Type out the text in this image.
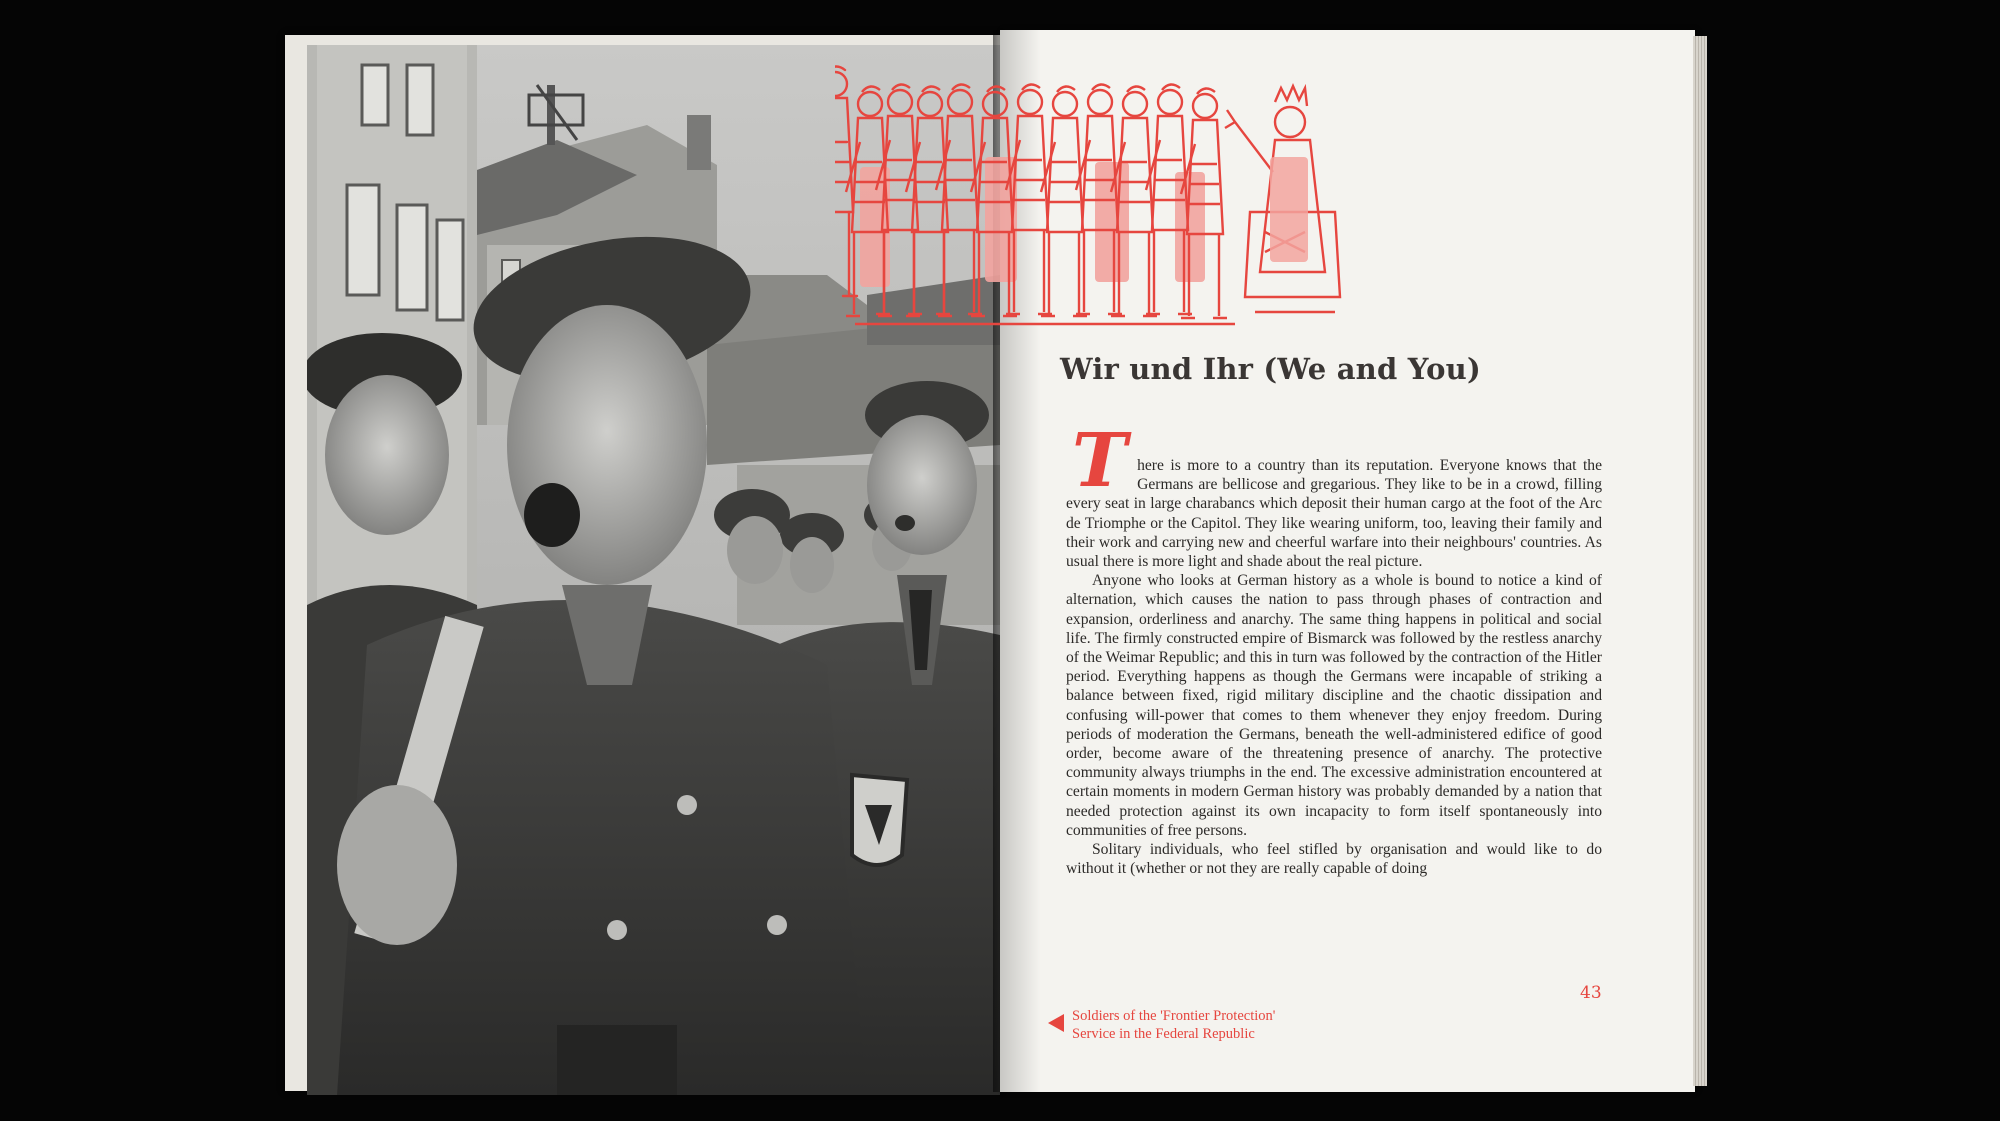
Wir und Ihr (We and You)

T here is more to a country than its reputation. Everyone knows that the Germans are bellicose and gregarious. They like to be in a crowd, filling every seat in large charabancs which deposit their human cargo at the foot of the Arc de Triomphe or the Capitol. They like wearing uniform, too, leaving their family and their work and carrying new and cheerful warfare into their neighbours' countries. As usual there is more light and shade about the real picture.

Anyone who looks at German history as a whole is bound to notice a kind of alternation, which causes the nation to pass through phases of contraction and expansion, orderliness and anarchy. The same thing happens in political and social life. The firmly constructed empire of Bismarck was followed by the restless anarchy of the Weimar Republic; and this in turn was followed by the contraction of the Hitler period. Everything happens as though the Germans were incapable of striking a balance between fixed, rigid military discipline and the chaotic dissipation and confusing will-power that comes to them whenever they enjoy freedom. During periods of moderation the Germans, beneath the well-administered edifice of good order, become aware of the threatening presence of anarchy. The protective community always triumphs in the end. The excessive administration encountered at certain moments in modern German history was probably demanded by a nation that needed protection against its own incapacity to form itself spontaneously into communities of free persons.

Solitary individuals, who feel stifled by organisation and would like to do without it (whether or not they are really capable of doing

43
Soldiers of the 'Frontier Protection'
Service in the Federal Republic
